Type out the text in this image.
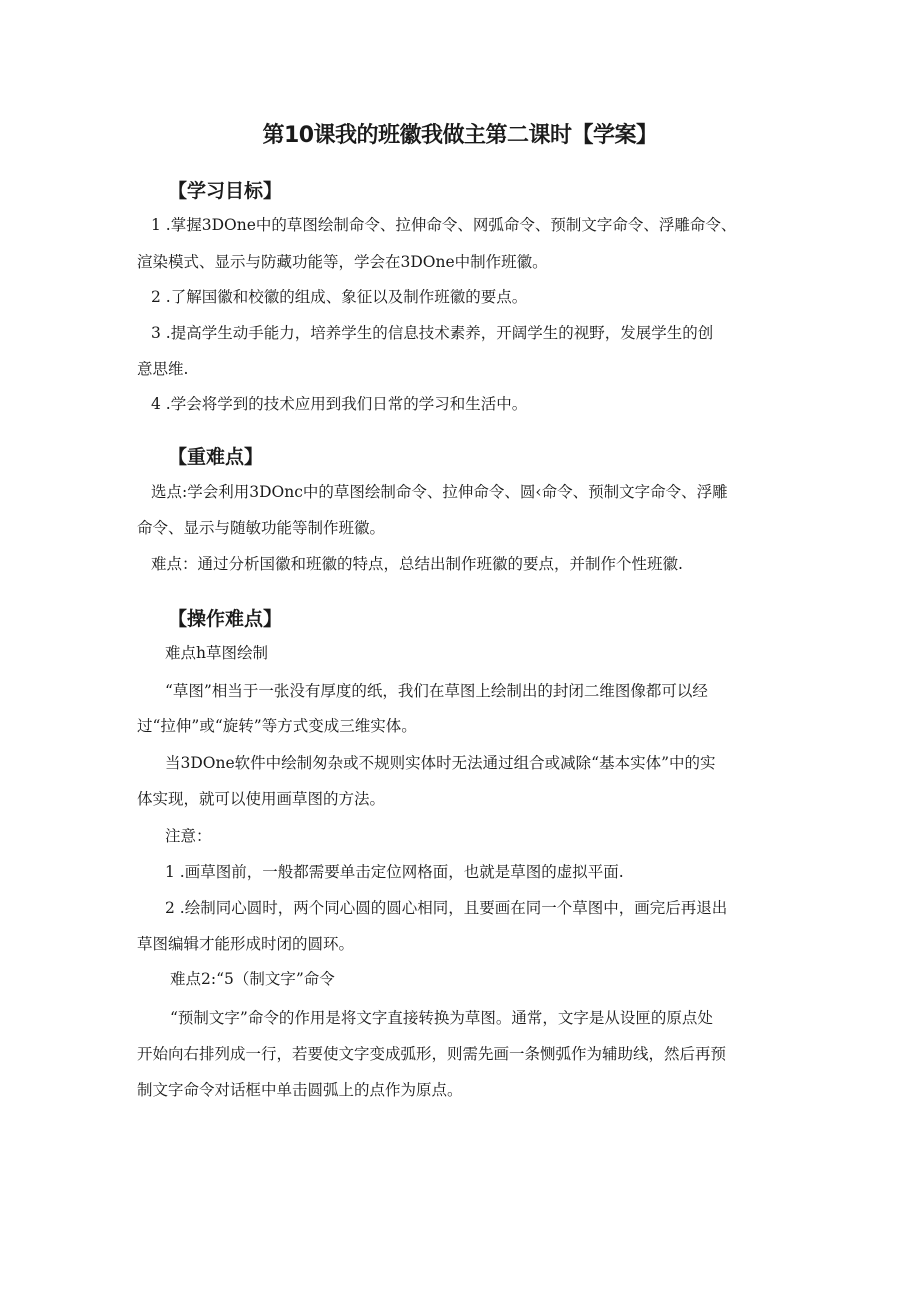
第10课我的班徽我做主第二课时【学案】
【学习目标】
1 .掌握3DOne中的草图绘制命令、拉伸命令、网弧命令、预制文字命令、浮雕命令、
渲染模式、显示与防藏功能等，学会在3DOne中制作班徽。
2 .了解国徽和校徽的组成、象征以及制作班徽的要点。
3 .提高学生动手能力，培养学生的信息技术素养，开阔学生的视野，发展学生的创
意思维.
4 .学会将学到的技术应用到我们日常的学习和生活中。
【重难点】
选点:学会利用3DOnc中的草图绘制命令、拉伸命令、圆‹命令、预制文字命令、浮雕
命令、显示与随敏功能等制作班徽。
难点：通过分析国徽和班徽的特点，总结出制作班徽的要点，并制作个性班徽.
【操作难点】
难点h草图绘制
“草图”相当于一张没有厚度的纸，我们在草图上绘制出的封闭二维图像都可以经
过“拉伸”或“旋转”等方式变成三维实体。
当3DOne软件中绘制匆杂或不规则实体时无法通过组合或减除“基本实体”中的实
体实现，就可以使用画草图的方法。
注意：
1 .画草图前，一般都需要单击定位网格面，也就是草图的虚拟平面.
2 .绘制同心圆时，两个同心圆的圆心相同，且要画在同一个草图中，画完后再退出
草图编辑才能形成时闭的圆环。
难点2:“5（制文字”命令
“预制文字”命令的作用是将文字直接转换为草图。通常，文字是从设匣的原点处
开始向右排列成一行，若要使文字变成弧形，则需先画一条恻弧作为辅助线，然后再预
制文字命令对话框中单击圆弧上的点作为原点。
